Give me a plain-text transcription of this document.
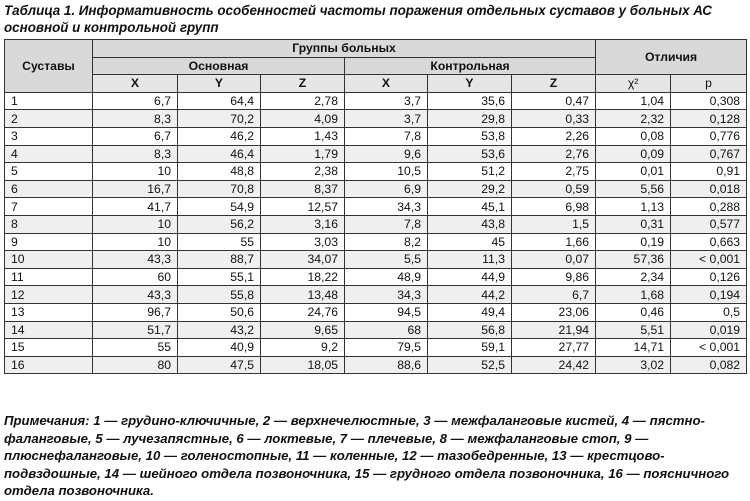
Таблица 1. Информативность особенностей частоты поражения отдельных суставов у больных АС основной и контрольной групп
Суставы	Группы больных						Отличия	
	Основная			Контрольная				
	X	Y	Z	X	Y	Z	χ²	p
1	6,7	64,4	2,78	3,7	35,6	0,47	1,04	0,308
2	8,3	70,2	4,09	3,7	29,8	0,33	2,32	0,128
3	6,7	46,2	1,43	7,8	53,8	2,26	0,08	0,776
4	8,3	46,4	1,79	9,6	53,6	2,76	0,09	0,767
5	10	48,8	2,38	10,5	51,2	2,75	0,01	0,91
6	16,7	70,8	8,37	6,9	29,2	0,59	5,56	0,018
7	41,7	54,9	12,57	34,3	45,1	6,98	1,13	0,288
8	10	56,2	3,16	7,8	43,8	1,5	0,31	0,577
9	10	55	3,03	8,2	45	1,66	0,19	0,663
10	43,3	88,7	34,07	5,5	11,3	0,07	57,36	< 0,001
11	60	55,1	18,22	48,9	44,9	9,86	2,34	0,126
12	43,3	55,8	13,48	34,3	44,2	6,7	1,68	0,194
13	96,7	50,6	24,76	94,5	49,4	23,06	0,46	0,5
14	51,7	43,2	9,65	68	56,8	21,94	5,51	0,019
15	55	40,9	9,2	79,5	59,1	27,77	14,71	< 0,001
16	80	47,5	18,05	88,6	52,5	24,42	3,02	0,082
Примечания: 1 — грудино-ключичные, 2 — верхнечелюстные, 3 — межфаланговые кистей, 4 — пястно-фаланговые, 5 — лучезапястные, 6 — локтевые, 7 — плечевые, 8 — межфаланговые стоп, 9 — плюснефаланговые, 10 — голеностопные, 11 — коленные, 12 — тазобедренные, 13 — крестцово-подвздошные, 14 — шейного отдела позвоночника, 15 — грудного отдела позвоночника, 16 — поясничного отдела позвоночника.
